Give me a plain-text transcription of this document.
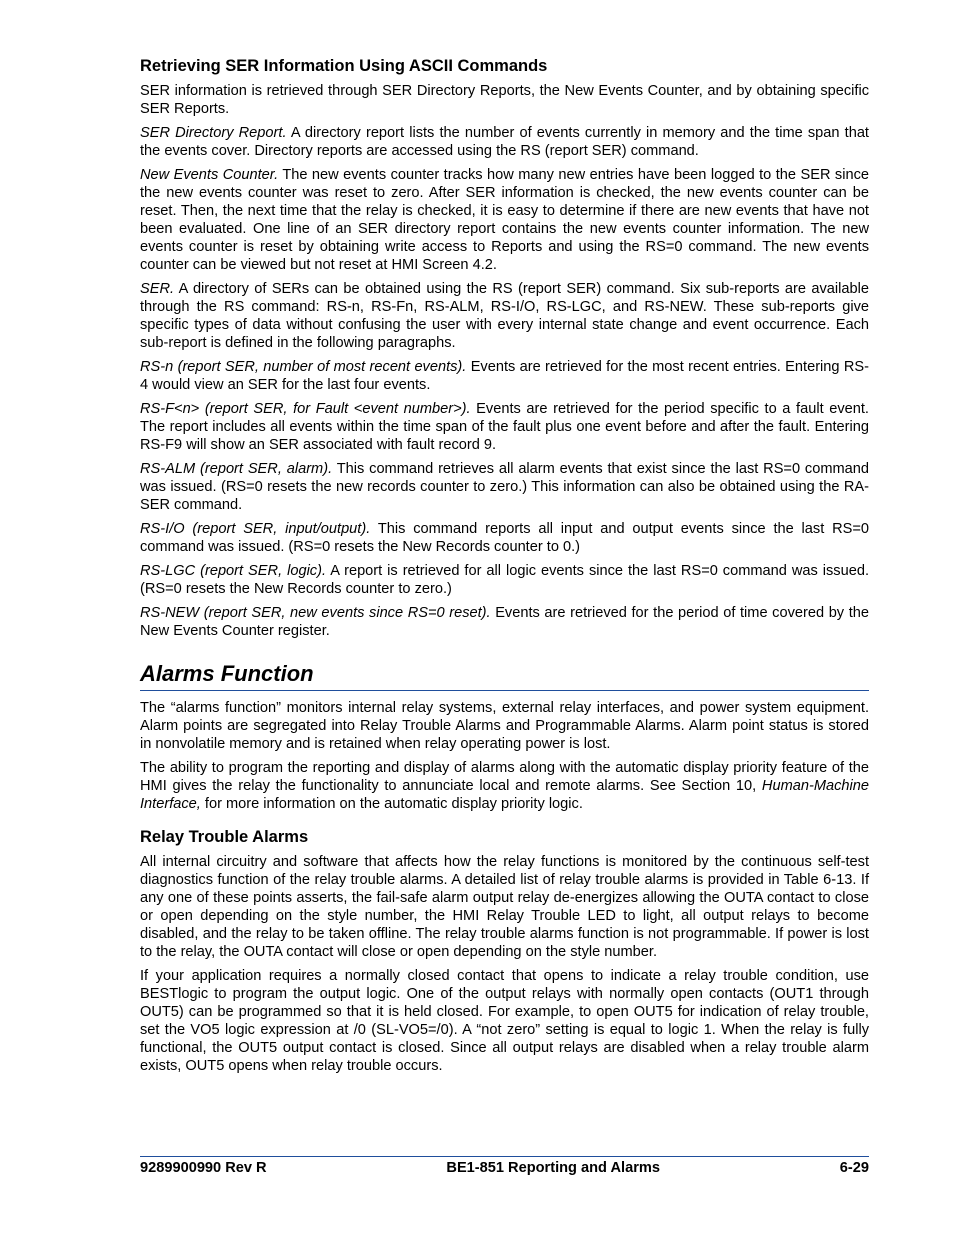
Retrieving SER Information Using ASCII Commands

SER information is retrieved through SER Directory Reports, the New Events Counter, and by obtaining specific SER Reports.

SER Directory Report. A directory report lists the number of events currently in memory and the time span that the events cover. Directory reports are accessed using the RS (report SER) command.

New Events Counter. The new events counter tracks how many new entries have been logged to the SER since the new events counter was reset to zero. After SER information is checked, the new events counter can be reset. Then, the next time that the relay is checked, it is easy to determine if there are new events that have not been evaluated. One line of an SER directory report contains the new events counter information. The new events counter is reset by obtaining write access to Reports and using the RS=0 command. The new events counter can be viewed but not reset at HMI Screen 4.2.

SER. A directory of SERs can be obtained using the RS (report SER) command. Six sub-reports are available through the RS command: RS-n, RS-Fn, RS-ALM, RS-I/O, RS-LGC, and RS-NEW. These sub-reports give specific types of data without confusing the user with every internal state change and event occurrence. Each sub-report is defined in the following paragraphs.

RS-n (report SER, number of most recent events). Events are retrieved for the most recent entries. Entering RS-4 would view an SER for the last four events.

RS-F<n> (report SER, for Fault <event number>). Events are retrieved for the period specific to a fault event. The report includes all events within the time span of the fault plus one event before and after the fault. Entering RS-F9 will show an SER associated with fault record 9.

RS-ALM (report SER, alarm). This command retrieves all alarm events that exist since the last RS=0 command was issued. (RS=0 resets the new records counter to zero.) This information can also be obtained using the RA-SER command.

RS-I/O (report SER, input/output). This command reports all input and output events since the last RS=0 command was issued. (RS=0 resets the New Records counter to 0.)

RS-LGC (report SER, logic). A report is retrieved for all logic events since the last RS=0 command was issued. (RS=0 resets the New Records counter to zero.)

RS-NEW (report SER, new events since RS=0 reset). Events are retrieved for the period of time covered by the New Events Counter register.

Alarms Function

The “alarms function” monitors internal relay systems, external relay interfaces, and power system equipment. Alarm points are segregated into Relay Trouble Alarms and Programmable Alarms. Alarm point status is stored in nonvolatile memory and is retained when relay operating power is lost.

The ability to program the reporting and display of alarms along with the automatic display priority feature of the HMI gives the relay the functionality to annunciate local and remote alarms. See Section 10, Human-Machine Interface, for more information on the automatic display priority logic.

Relay Trouble Alarms

All internal circuitry and software that affects how the relay functions is monitored by the continuous self-test diagnostics function of the relay trouble alarms. A detailed list of relay trouble alarms is provided in Table 6-13. If any one of these points asserts, the fail-safe alarm output relay de-energizes allowing the OUTA contact to close or open depending on the style number, the HMI Relay Trouble LED to light, all output relays to become disabled, and the relay to be taken offline. The relay trouble alarms function is not programmable. If power is lost to the relay, the OUTA contact will close or open depending on the style number.

If your application requires a normally closed contact that opens to indicate a relay trouble condition, use BESTlogic to program the output logic. One of the output relays with normally open contacts (OUT1 through OUT5) can be programmed so that it is held closed. For example, to open OUT5 for indication of relay trouble, set the VO5 logic expression at /0 (SL-VO5=/0). A “not zero” setting is equal to logic 1. When the relay is fully functional, the OUT5 output contact is closed. Since all output relays are disabled when a relay trouble alarm exists, OUT5 opens when relay trouble occurs.

9289900990 Rev R	BE1-851 Reporting and Alarms	6-29
